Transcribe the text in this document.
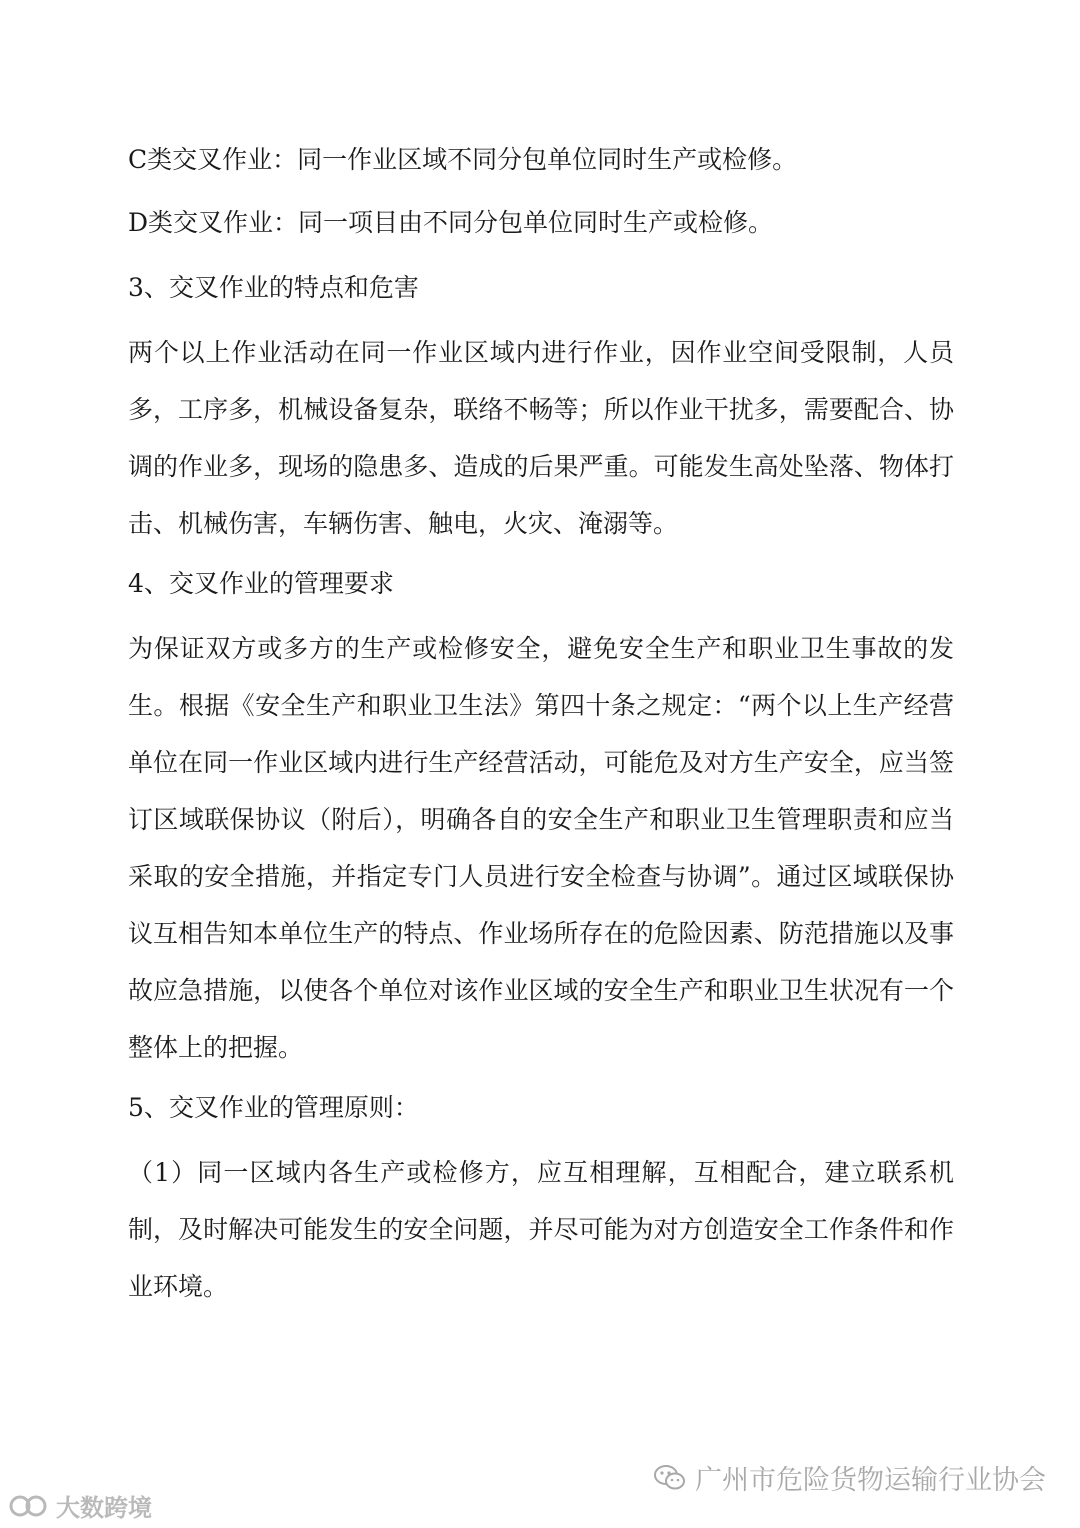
C类交叉作业：同一作业区域不同分包单位同时生产或检修。

D类交叉作业：同一项目由不同分包单位同时生产或检修。

3、交叉作业的特点和危害

两个以上作业活动在同一作业区域内进行作业，因作业空间受限制，人员多，工序多，机械设备复杂，联络不畅等；所以作业干扰多，需要配合、协调的作业多，现场的隐患多、造成的后果严重。可能发生高处坠落、物体打击、机械伤害，车辆伤害、触电，火灾、淹溺等。

4、交叉作业的管理要求

为保证双方或多方的生产或检修安全，避免安全生产和职业卫生事故的发生。根据《安全生产和职业卫生法》第四十条之规定：“两个以上生产经营单位在同一作业区域内进行生产经营活动，可能危及对方生产安全，应当签订区域联保协议（附后），明确各自的安全生产和职业卫生管理职责和应当采取的安全措施，并指定专门人员进行安全检查与协调”。通过区域联保协议互相告知本单位生产的特点、作业场所存在的危险因素、防范措施以及事故应急措施，以使各个单位对该作业区域的安全生产和职业卫生状况有一个整体上的把握。

5、交叉作业的管理原则：

（1）同一区域内各生产或检修方，应互相理解，互相配合，建立联系机制，及时解决可能发生的安全问题，并尽可能为对方创造安全工作条件和作业环境。

广州市危险货物运输行业协会
大数跨境
